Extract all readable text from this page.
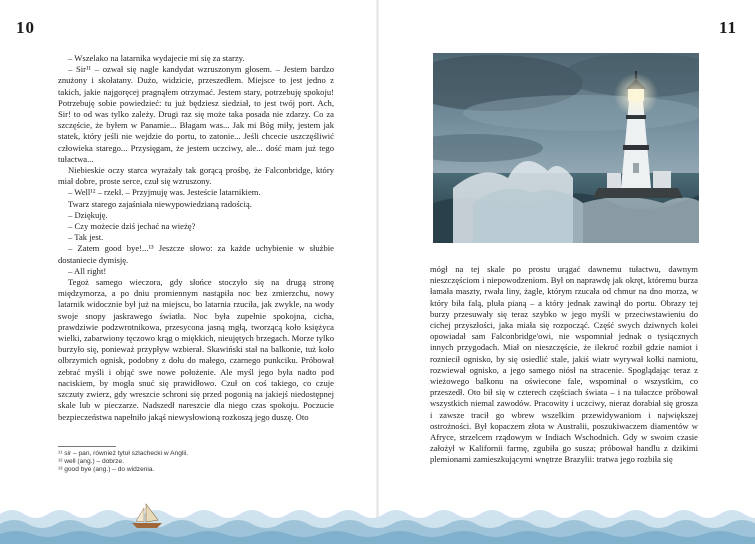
10

– Wszelako na latarnika wydajecie mi się za starzy.

– Sir¹¹ – ozwał się nagle kandydat wzruszonym głosem. – Jestem bardzo znużony i skołatany. Dużo, widzicie, przeszedłem. Miejsce to jest jedno z takich, jakie najgoręcej pragnąłem otrzymać. Jestem stary, potrzebuję spokoju! Potrzebuję sobie powiedzieć: tu już będziesz siedział, to jest twój port. Ach, Sir! to od was tylko zależy. Drugi raz się może taka posada nie zdarzy. Co za szczęście, że byłem w Panamie... Błagam was... Jak mi Bóg miły, jestem jak statek, który jeśli nie wejdzie do portu, to zatonie... Jeśli chcecie uszczęśliwić człowieka starego... Przysięgam, że jestem uczciwy, ale... dość mam już tego tułactwa...

Niebieskie oczy starca wyrażały tak gorącą prośbę, że Falconbridge, który miał dobre, proste serce, czuł się wzruszony.

– Well¹² – rzekł. – Przyjmuję was. Jesteście latarnikiem.

Twarz starego zajaśniała niewypowiedzianą radością.

– Dziękuję.

– Czy możecie dziś jechać na wieżę?

– Tak jest.

– Zatem good bye!...¹³ Jeszcze słowo: za każde uchybienie w służbie dostaniecie dymisję.

– All right!

Tegoż samego wieczora, gdy słońce stoczyło się na drugą stronę międzymorza, a po dniu promiennym nastąpiła noc bez zmierzchu, nowy latarnik widocznie był już na miejscu, bo latarnia rzuciła, jak zwykle, na wody swoje snopy jaskrawego światła. Noc była zupełnie spokojna, cicha, prawdziwie podzwrotnikowa, przesycona jasną mgłą, tworzącą koło księżyca wielki, zabarwiony tęczowo krąg o miękkich, nieujętych brzegach. Morze tylko burzyło się, ponieważ przypływ wzbierał. Skawiński stał na balkonie, tuż koło olbrzymich ognisk, podobny z dołu do małego, czarnego punkciku. Próbował zebrać myśli i objąć swe nowe położenie. Ale myśl jego była nadto pod naciskiem, by mogła snuć się prawidłowo. Czuł on coś takiego, co czuje szczuty zwierz, gdy wreszcie schroni się przed pogonią na jakiejś niedostępnej skale lub w pieczarze. Nadszedł nareszcie dla niego czas spokoju. Poczucie bezpieczeństwa napełniło jakąś niewysłowioną rozkoszą jego duszę. Oto

¹¹ sir – pan, również tytuł szlachecki w Anglii.
¹² well (ang.) – dobrze.
¹³ good bye (ang.) – do widzenia.
11

mógł na tej skale po prostu urągać dawnemu tułactwu, dawnym nieszczęściom i niepowodzeniom. Był on naprawdę jak okręt, któremu burza łamała maszty, rwała liny, żagle, którym rzucała od chmur na dno morza, w który biła falą, pluła pianą – a który jednak zawinął do portu. Obrazy tej burzy przesuwały się teraz szybko w jego myśli w przeciwstawieniu do cichej przyszłości, jaka miała się rozpocząć. Część swych dziwnych kolei opowiadał sam Falconbridge'owi, nie wspomniał jednak o tysiącznych innych przygodach. Miał on nieszczęście, że ilekroć rozbił gdzie namiot i rozniecił ognisko, by się osiedlić stale, jakiś wiatr wyrywał kołki namiotu, rozwiewał ognisko, a jego samego niósł na stracenie. Spoglądając teraz z wieżowego balkonu na oświecone fale, wspominał o wszystkim, co przeszedł. Oto bił się w czterech częściach świata – i na tułaczce próbował wszystkich niemal zawodów. Pracowity i uczciwy, nieraz dorabiał się grosza i zawsze tracił go wbrew wszelkim przewidywaniom i największej ostrożności. Był kopaczem złota w Australii, poszukiwaczem diamentów w Afryce, strzelcem rządowym w Indiach Wschodnich. Gdy w swoim czasie założył w Kalifornii farmę, zgubiła go susza; próbował handlu z dzikimi plemionami zamieszkującymi wnętrze Brazylii: tratwa jego rozbiła się
